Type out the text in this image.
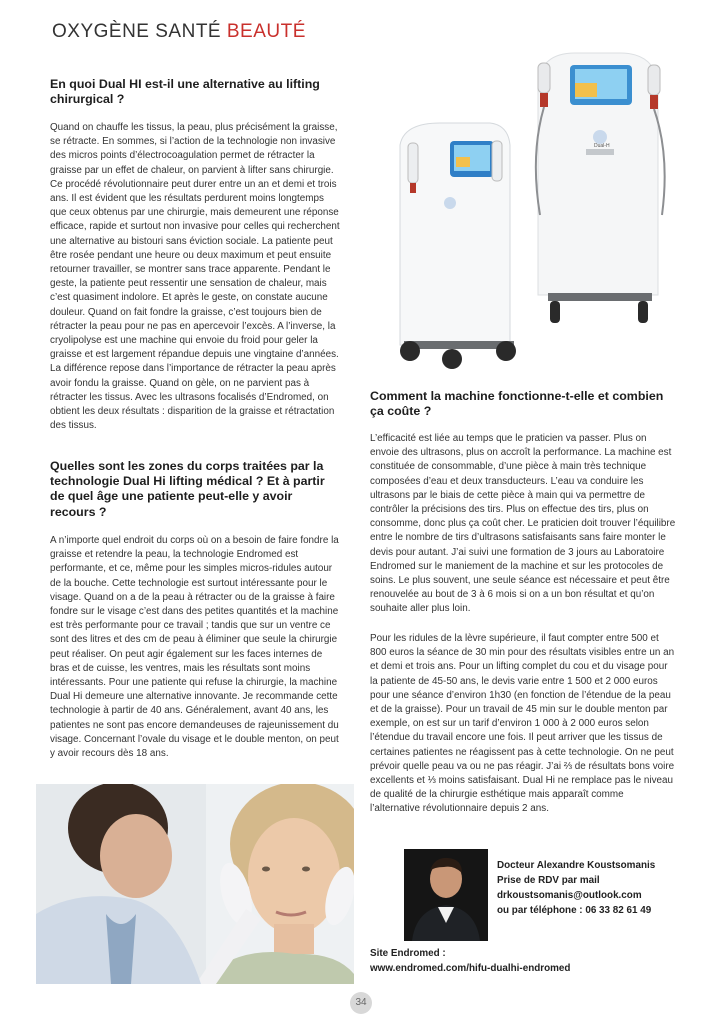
OXYGÈNE SANTÉ BEAUTÉ
En quoi Dual HI est-il une alternative au lifting chirurgical ?

Quand on chauffe les tissus, la peau, plus précisément la graisse, se rétracte. En sommes, si l’action de la technologie non invasive des micros points d’électrocoagulation permet de rétracter la graisse par un effet de chaleur, on parvient à lifter sans chirurgie. Ce procédé révolutionnaire peut durer entre un an et demi et trois ans. Il est évident que les résultats perdurent moins longtemps que ceux obtenus par une chirurgie, mais demeurent une réponse efficace, rapide et surtout non invasive pour celles qui recherchent une alternative au bistouri sans éviction sociale. La patiente peut être rosée pendant une heure ou deux maximum et peut ensuite retourner travailler, se montrer sans trace apparente. Pendant le geste, la patiente peut ressentir une sensation de chaleur, mais c’est quasiment indolore. Et après le geste, on constate aucune douleur. Quand on fait fondre la graisse, c’est toujours bien de rétracter la peau pour ne pas en apercevoir l’excès. A l’inverse, la cryolipolyse est une machine qui envoie du froid pour geler la graisse et est largement répandue depuis une vingtaine d’années. La différence repose dans l’importance de rétracter la peau après avoir fondu la graisse. Quand on gèle, on ne parvient pas à rétracter les tissus. Avec les ultrasons focalisés d’Endromed, on obtient les deux résultats : disparition de la graisse et rétractation des tissus.

Quelles sont les zones du corps traitées par la technologie Dual Hi lifting médical ? Et à partir de quel âge une patiente peut-elle y avoir recours ?

A n’importe quel endroit du corps où on a besoin de faire fondre la graisse et retendre la peau, la technologie Endromed est performante, et ce, même pour les simples micros-ridules autour de la bouche. Cette technologie est surtout intéressante pour le visage. Quand on a de la peau à rétracter ou de la graisse à faire fondre sur le visage c’est dans des petites quantités et la machine est très performante pour ce travail ; tandis que sur un ventre ce sont des litres et des cm de peau à éliminer que seule la chirurgie peut réaliser. On peut agir également sur les faces internes de bras et de cuisse, les ventres, mais les résultats sont moins intéressants. Pour une patiente qui refuse la chirurgie, la machine Dual Hi demeure une alternative innovante. Je recommande cette technologie à partir de 40 ans. Généralement, avant 40 ans, les patientes ne sont pas encore demandeuses de rajeunissement du visage. Concernant l’ovale du visage et le double menton, on peut y avoir recours dès 18 ans.

Dual-H
Comment la machine fonctionne-t-elle et combien ça coûte ?

L’efficacité est liée au temps que le praticien va passer. Plus on envoie des ultrasons, plus on accroît la performance. La machine est constituée de consommable, d’une pièce à main très technique composées d’eau et deux transducteurs. L’eau va conduire les ultrasons par le biais de cette pièce à main qui va permettre de contrôler la précisions des tirs. Plus on effectue des tirs, plus on consomme, donc plus ça coût cher. Le praticien doit trouver l’équilibre entre le nombre de tirs d’ultrasons satisfaisants sans faire monter le devis pour autant. J’ai suivi une formation de 3 jours au Laboratoire Endromed sur le maniement de la machine et sur les protocoles de soins. Le plus souvent, une seule séance est nécessaire et peut être renouvelée au bout de 3 à 6 mois si on a un bon résultat et qu’on souhaite aller plus loin.

Pour les ridules de la lèvre supérieure, il faut compter entre 500 et 800 euros la séance de 30 min pour des résultats visibles entre un an et demi et trois ans. Pour un lifting complet du cou et du visage pour la patiente de 45-50 ans, le devis varie entre 1 500 et 2 000 euros pour une séance d’environ 1h30 (en fonction de l’étendue de la peau et de la graisse). Pour un travail de 45 min sur le double menton par exemple, on est sur un tarif d’environ 1 000 à 2 000 euros selon l’étendue du travail encore une fois. Il peut arriver que les tissus de certaines patientes ne réagissent pas à cette technologie. On ne peut prévoir quelle peau va ou ne pas réagir. J’ai ⅔ de résultats bons voire excellents et ⅓ moins satisfaisant. Dual Hi ne remplace pas le niveau de qualité de la chirurgie esthétique mais apparaît comme l’alternative révolutionnaire depuis 2 ans.

Docteur Alexandre Koustsomanis
Prise de RDV par mail
drkoustsomanis@outlook.com
ou par téléphone : 06 33 82 61 49
Site Endromed :
www.endromed.com/hifu-dualhi-endromed
34
